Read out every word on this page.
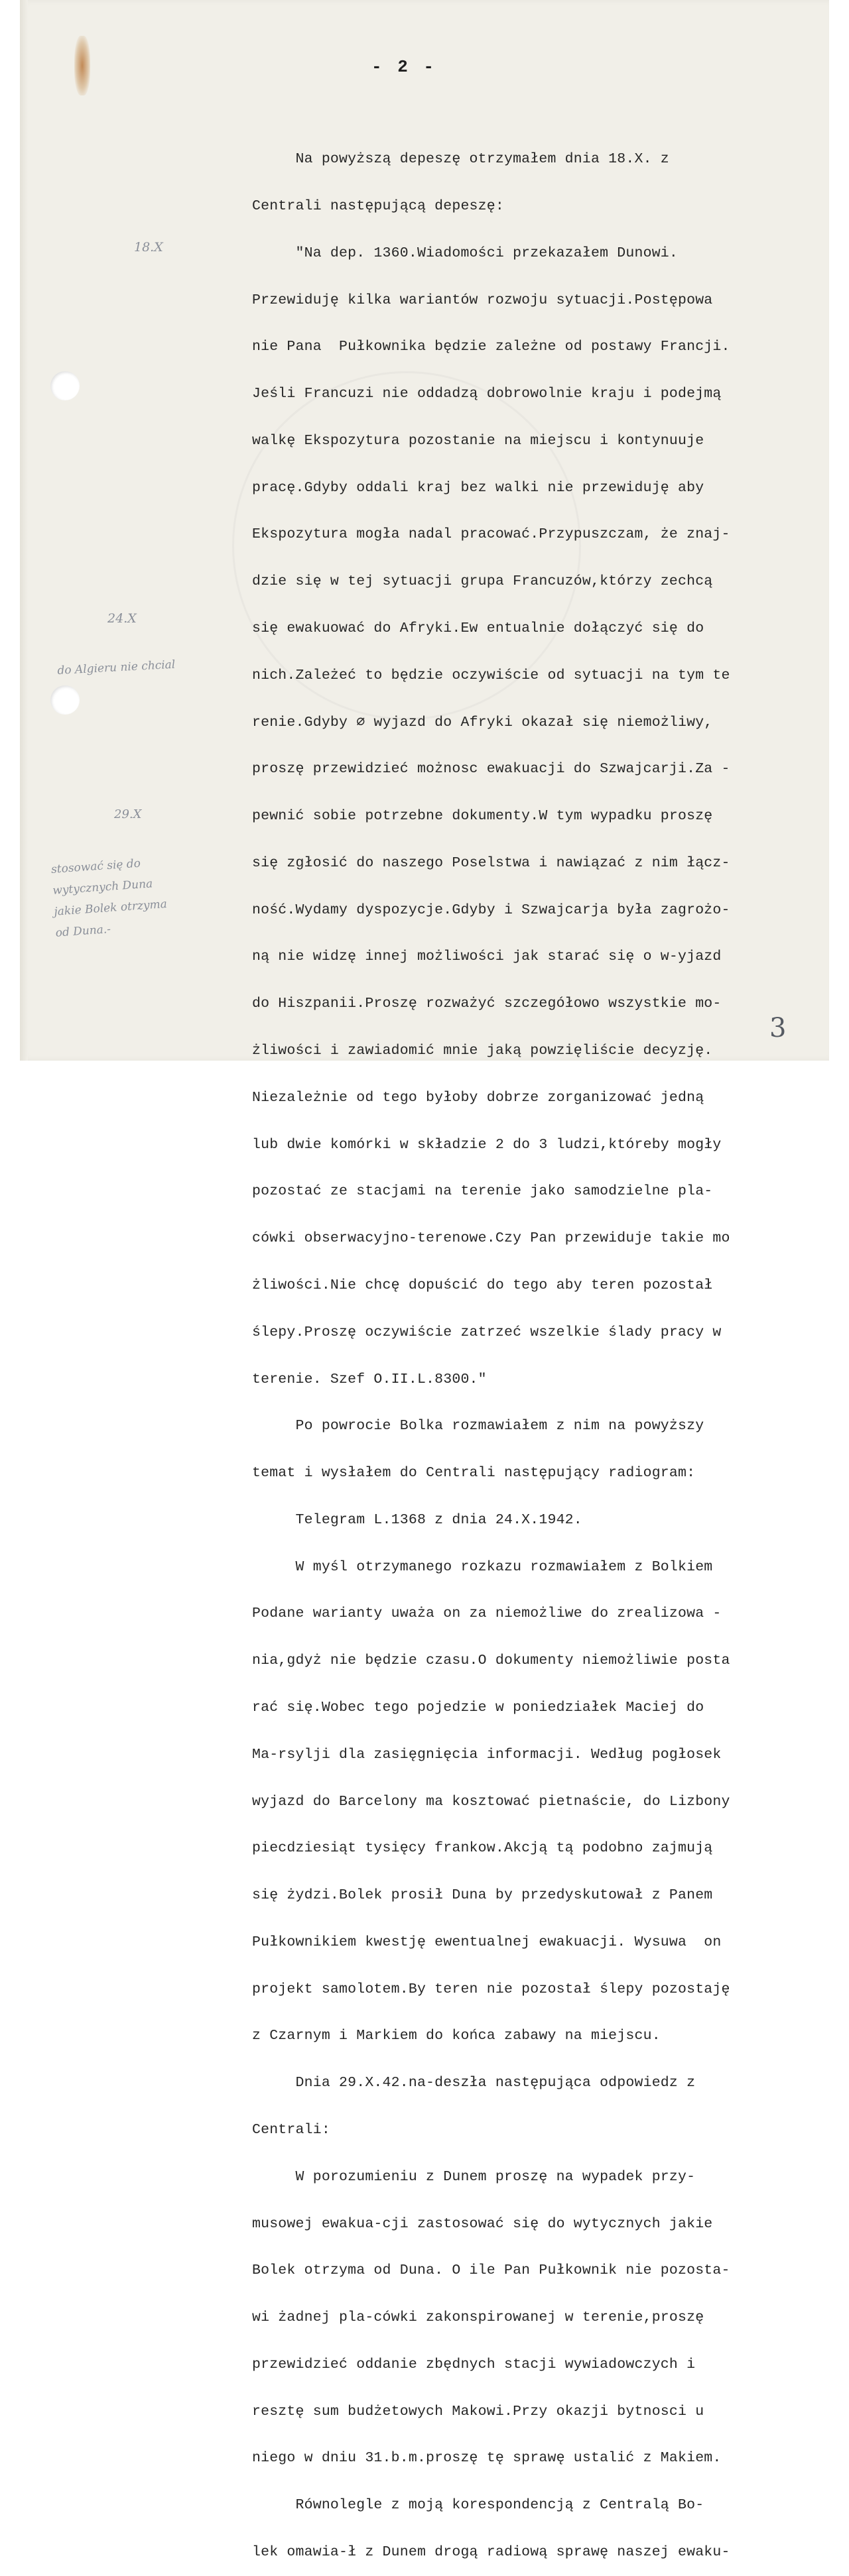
- 2 -

Na powyższą depeszę otrzymałem dnia 18.X. z

Centrali następującą depeszę:

"Na dep. 1360.Wiadomości przekazałem Dunowi.

Przewiduję kilka wariantów rozwoju sytuacji.Postępowa

nie Pana  Pułkownika będzie zależne od postawy Francji.

Jeśli Francuzi nie oddadzą dobrowolnie kraju i podejmą

walkę Ekspozytura pozostanie na miejscu i kontynuuje

pracę.Gdyby oddali kraj bez walki nie przewiduję aby

Ekspozytura mogła nadal pracować.Przypuszczam, że znaj-

dzie się w tej sytuacji grupa Francuzów,którzy zechcą

się ewakuować do Afryki.Ew entualnie dołączyć się do

nich.Zależeć to będzie oczywiście od sytuacji na tym te

renie.Gdyby ⌀ wyjazd do Afryki okazał się niemożliwy,

proszę przewidzieć możnosc ewakuacji do Szwajcarji.Za -

pewnić sobie potrzebne dokumenty.W tym wypadku proszę

się zgłosić do naszego Poselstwa i nawiązać z nim łącz-

ność.Wydamy dyspozycje.Gdyby i Szwajcarja była zagrożo-

ną nie widzę innej możliwości jak starać się o w-yjazd

do Hiszpanii.Proszę rozważyć szczegółowo wszystkie mo-

żliwości i zawiadomić mnie jaką powzięliście decyzję.

Niezależnie od tego byłoby dobrze zorganizować jedną

lub dwie komórki w składzie 2 do 3 ludzi,któreby mogły

pozostać ze stacjami na terenie jako samodzielne pla-

cówki obserwacyjno-terenowe.Czy Pan przewiduje takie mo

żliwości.Nie chcę dopuścić do tego aby teren pozostał

ślepy.Proszę oczywiście zatrzeć wszelkie ślady pracy w

terenie. Szef O.II.L.8300."

Po powrocie Bolka rozmawiałem z nim na powyższy

temat i wysłałem do Centrali następujący radiogram:

Telegram L.1368 z dnia 24.X.1942.

W myśl otrzymanego rozkazu rozmawiałem z Bolkiem

Podane warianty uważa on za niemożliwe do zrealizowa -

nia,gdyż nie będzie czasu.O dokumenty niemożliwie posta

rać się.Wobec tego pojedzie w poniedziałek Maciej do

Ma-rsylji dla zasięgnięcia informacji. Według pogłosek

wyjazd do Barcelony ma kosztować pietnaście, do Lizbony

piecdziesiąt tysięcy frankow.Akcją tą podobno zajmują

się żydzi.Bolek prosił Duna by przedyskutował z Panem

Pułkownikiem kwestję ewentualnej ewakuacji. Wysuwa  on

projekt samolotem.By teren nie pozostał ślepy pozostaję

z Czarnym i Markiem do końca zabawy na miejscu.

Dnia 29.X.42.na-deszła następująca odpowiedz z

Centrali:

W porozumieniu z Dunem proszę na wypadek przy-

musowej ewakua-cji zastosować się do wytycznych jakie

Bolek otrzyma od Duna. O ile Pan Pułkownik nie pozosta-

wi żadnej pla-cówki zakonspirowanej w terenie,proszę

przewidzieć oddanie zbędnych stacji wywiadowczych i

resztę sum budżetowych Makowi.Przy okazji bytnosci u

niego w dniu 31.b.m.proszę tę sprawę ustalić z Makiem.

Równolegle z moją korespondencją z Centralą Bo-

lek omawia-ł z Dunem drogą radiową sprawę naszej ewaku-

18.X
24.X
do Algieru nie chcial
29.X
stosować się do
wytycznych Duna
jakie Bolek otrzyma
od Duna.-
3
